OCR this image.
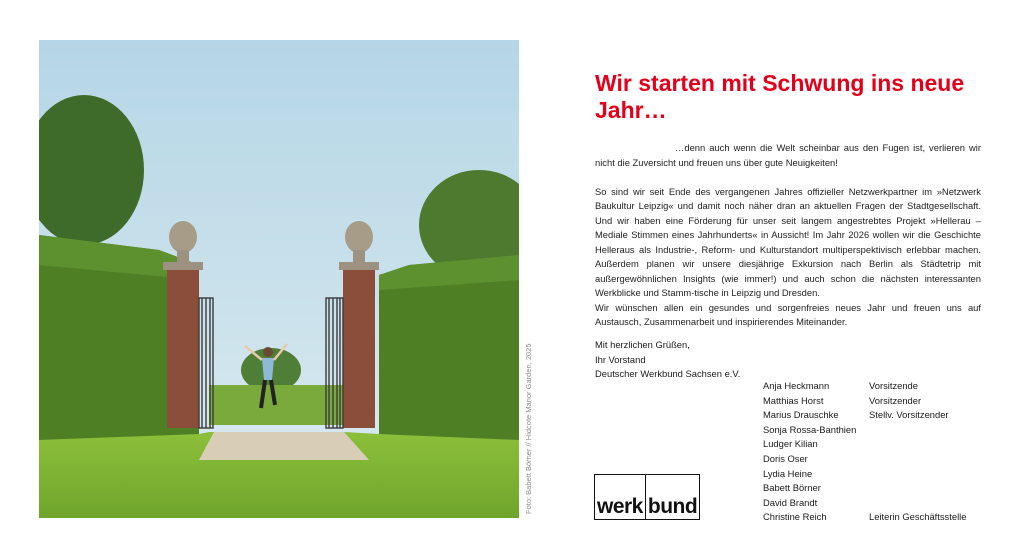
Foto: Babett Börner // Hidcote Manor Garden, 2025
Wir starten mit Schwung ins neue Jahr…

…denn auch wenn die Welt scheinbar aus den Fugen ist, verlieren wir nicht die Zuversicht und freuen uns über gute Neuigkeiten!

So sind wir seit Ende des vergangenen Jahres offizieller Netzwerkpartner im »Netzwerk Baukultur Leipzig« und damit noch näher dran an aktuellen Fragen der Stadtgesellschaft. Und wir haben eine Förderung für unser seit langem angestrebtes Projekt »Hellerau – Mediale Stimmen eines Jahrhunderts« in Aussicht! Im Jahr 2026 wollen wir die Geschichte Helleraus als Industrie-, Reform- und Kulturstandort multiperspektivisch erlebbar machen. Außerdem planen wir unsere diesjährige Exkursion nach Berlin als Städtetrip mit außergewöhnlichen Insights (wie immer!) und auch schon die nächsten interessanten Werkblicke und Stamm-tische in Leipzig und Dresden.

Wir wünschen allen ein gesundes und sorgenfreies neues Jahr und freuen uns auf Austausch, Zusammenarbeit und inspirierendes Miteinander.

Mit herzlichen Grüßen,
Ihr Vorstand
Deutscher Werkbund Sachsen e.V.
Anja Heckmann	Vorsitzende
Matthias Horst	Vorsitzender
Marius Drauschke	Stellv. Vorsitzender
Sonja Rossa-Banthien
Ludger Kilian
Doris Oser
Lydia Heine
Babett Börner
David Brandt
Christine Reich	Leiterin Geschäftsstelle
werk bund
